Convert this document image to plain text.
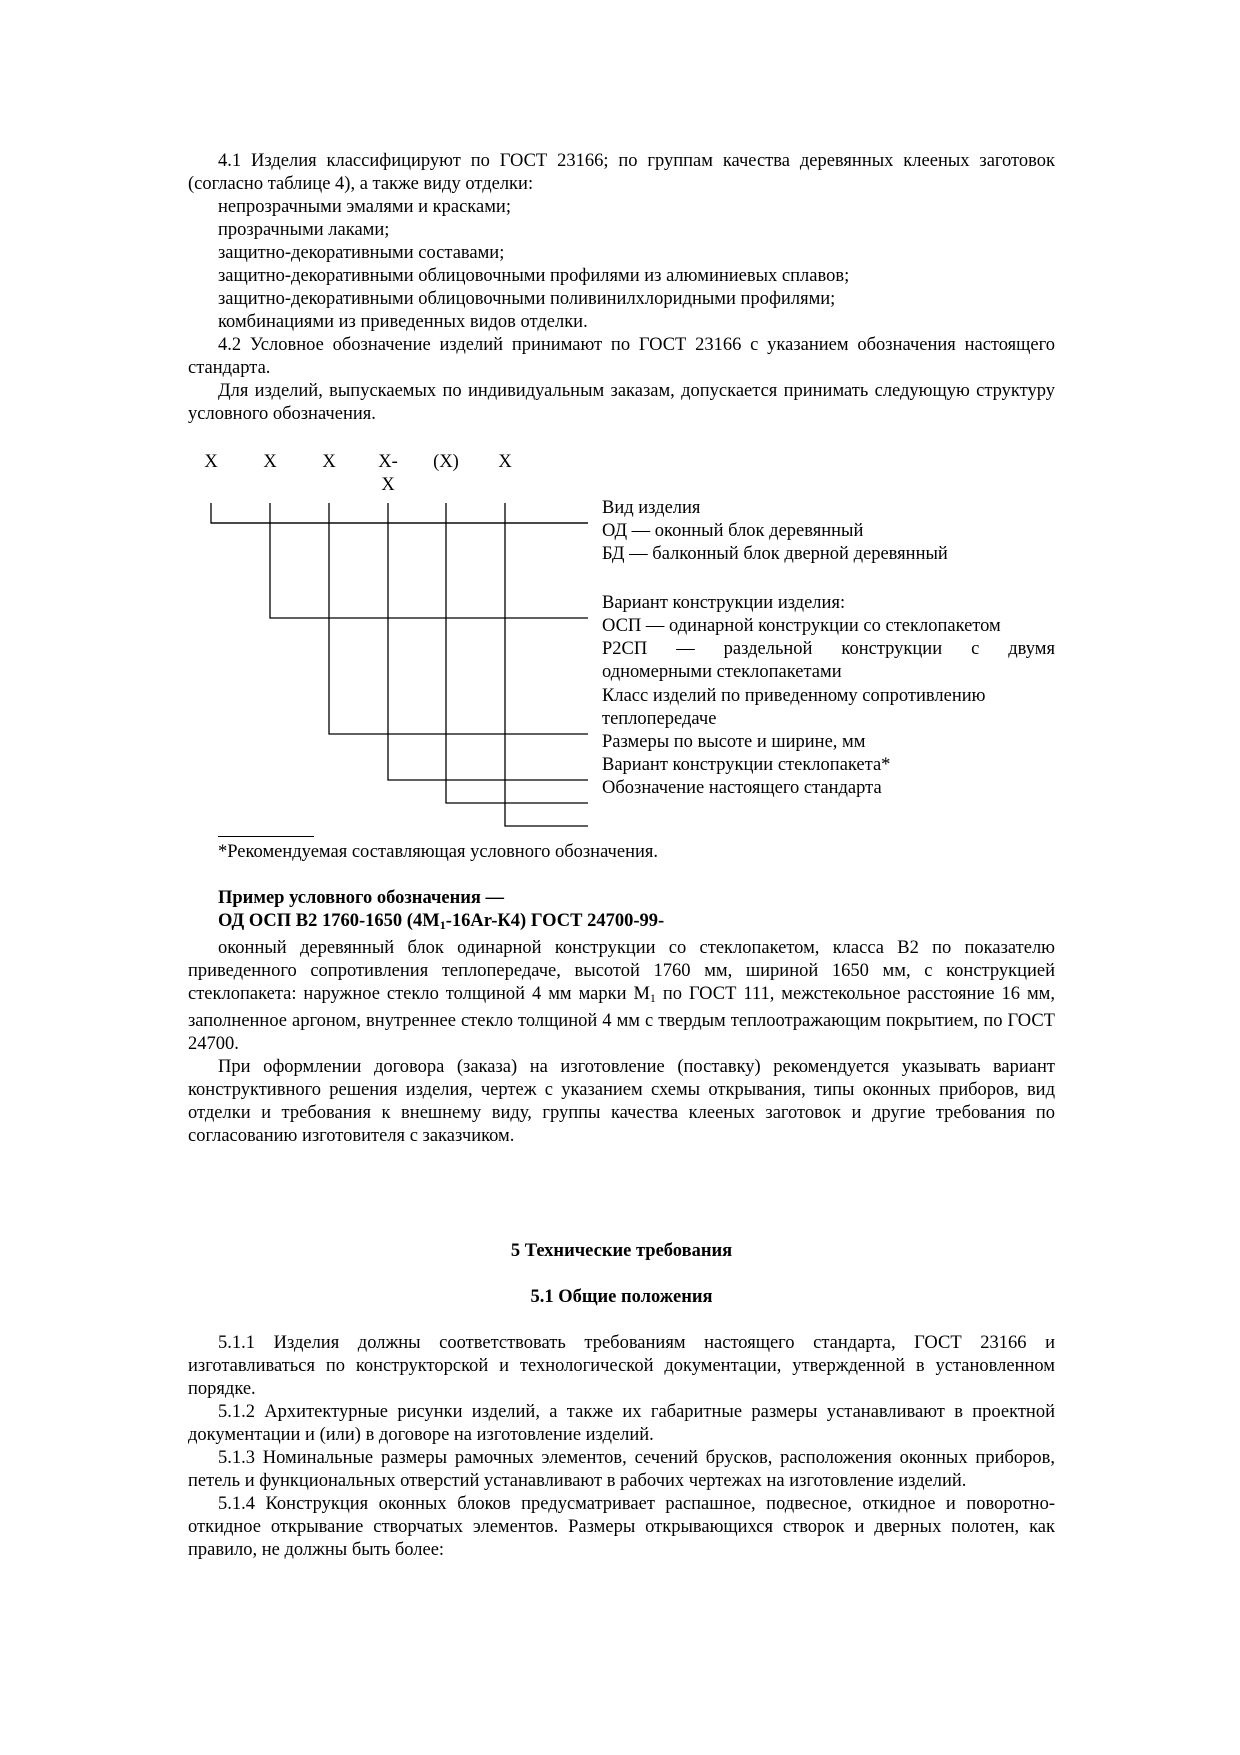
4.1 Изделия классифицируют по ГОСТ 23166; по группам качества деревянных клееных заготовок (согласно таблице 4), а также виду отделки:

непрозрачными эмалями и красками;

прозрачными лаками;

защитно-декоративными составами;

защитно-декоративными облицовочными профилями из алюминиевых сплавов;

защитно-декоративными облицовочными поливинилхлоридными профилями;

комбинациями из приведенных видов отделки.

4.2 Условное обозначение изделий принимают по ГОСТ 23166 с указанием обозначения настоящего стандарта.

Для изделий, выпускаемых по индивидуальным заказам, допускается принимать следующую структуру условного обозначения.

X	X	X	X-
X
(X)	X
Вид изделия
ОД — оконный блок деревянный
БД — балконный блок дверной деревянный
Вариант конструкции изделия:
ОСП — одинарной конструкции со стеклопакетом
Р2СП — раздельной конструкции с двумя
одномерными стеклопакетами
Класс изделий по приведенному сопротивлению
теплопередаче
Размеры по высоте и ширине, мм
Вариант конструкции стеклопакета*
Обозначение настоящего стандарта

*Рекомендуемая составляющая условного обозначения.

Пример условного обозначения —

ОД ОСП В2 1760-1650 $(4М_1-16Ar-К4)$ ГОСТ 24700-99-

оконный деревянный блок одинарной конструкции со стеклопакетом, класса В2 по показателю приведенного сопротивления теплопередаче, высотой 1760 мм, шириной 1650 мм, с конструкцией стеклопакета: наружное стекло толщиной 4 мм марки $М_1$ по ГОСТ 111, межстекольное расстояние 16 мм, заполненное аргоном, внутреннее стекло толщиной 4 мм с твердым теплоотражающим покрытием, по ГОСТ 24700.

При оформлении договора (заказа) на изготовление (поставку) рекомендуется указывать вариант конструктивного решения изделия, чертеж с указанием схемы открывания, типы оконных приборов, вид отделки и требования к внешнему виду, группы качества клееных заготовок и другие требования по согласованию изготовителя с заказчиком.

5 Технические требования

5.1 Общие положения

5.1.1 Изделия должны соответствовать требованиям настоящего стандарта, ГОСТ 23166 и изготавливаться по конструкторской и технологической документации, утвержденной в установленном порядке.

5.1.2 Архитектурные рисунки изделий, а также их габаритные размеры устанавливают в проектной документации и (или) в договоре на изготовление изделий.

5.1.3 Номинальные размеры рамочных элементов, сечений брусков, расположения оконных приборов, петель и функциональных отверстий устанавливают в рабочих чертежах на изготовление изделий.

5.1.4 Конструкция оконных блоков предусматривает распашное, подвесное, откидное и поворотно-откидное открывание створчатых элементов. Размеры открывающихся створок и дверных полотен, как правило, не должны быть более:
